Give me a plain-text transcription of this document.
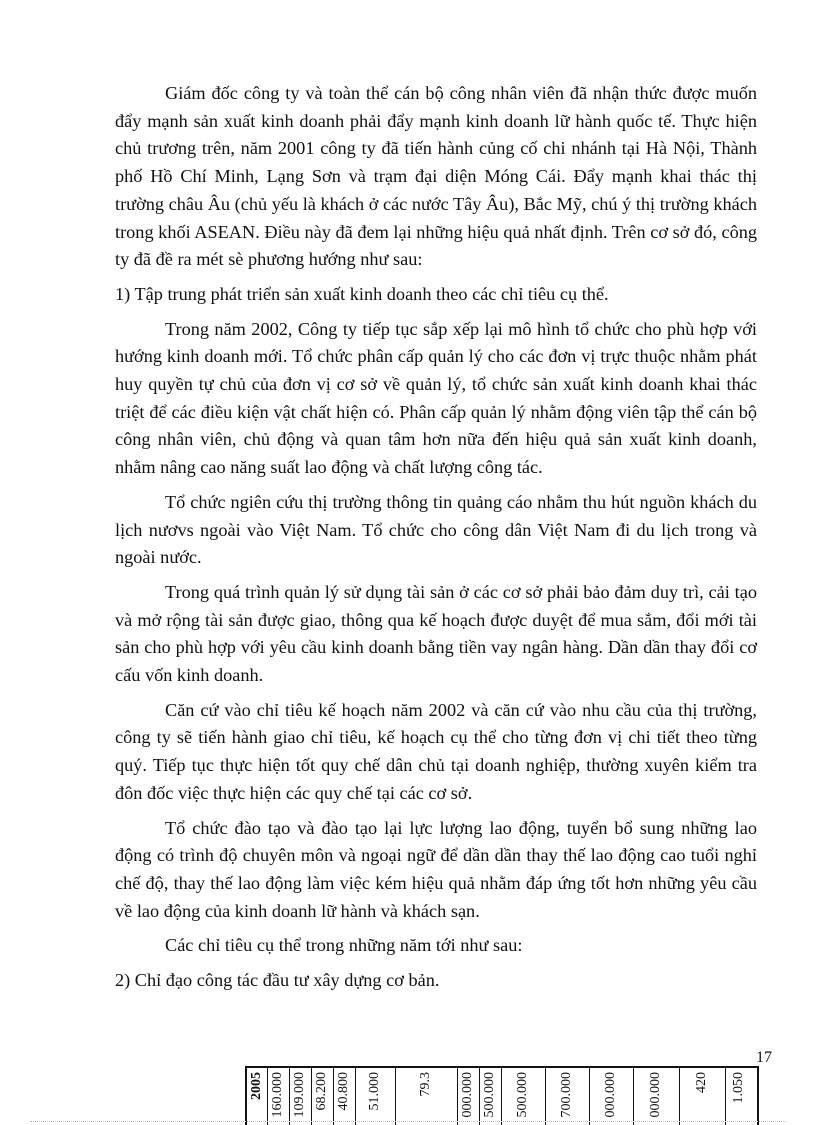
Giám đốc công ty và toàn thể cán bộ công nhân viên đã nhận thức được muốn đẩy mạnh sản xuất kinh doanh phải đẩy mạnh kinh doanh lữ hành quốc tế. Thực hiện chủ trương trên, năm 2001 công ty đã tiến hành củng cố chi nhánh tại Hà Nội, Thành phố Hồ Chí Minh, Lạng Sơn và trạm đại diện Móng Cái. Đẩy mạnh khai thác thị trường châu Âu (chủ yếu là khách ở các nước Tây Âu), Bắc Mỹ, chú ý thị trường khách trong khối ASEAN. Điều này đã đem lại những hiệu quả nhất định. Trên cơ sở đó, công ty đã đề ra mét sè phương hướng như sau:

1) Tập trung phát triển sản xuất kinh doanh theo các chỉ tiêu cụ thể.

Trong năm 2002, Công ty tiếp tục sắp xếp lại mô hình tổ chức cho phù hợp với hướng kinh doanh mới. Tổ chức phân cấp quản lý cho các đơn vị trực thuộc nhằm phát huy quyền tự chủ của đơn vị cơ sở về quản lý, tổ chức sản xuất kinh doanh khai thác triệt để các điều kiện vật chất hiện có. Phân cấp quản lý nhằm động viên tập thể cán bộ công nhân viên, chủ động và quan tâm hơn nữa đến hiệu quả sản xuất kinh doanh, nhằm nâng cao năng suất lao động và chất lượng công tác.

Tổ chức ngiên cứu thị trường thông tin quảng cáo nhằm thu hút nguồn khách du lịch nươvs ngoài vào Việt Nam. Tổ chức cho công dân Việt Nam đi du lịch trong và ngoài nước.

Trong quá trình quản lý sử dụng tài sản ở các cơ sở phải bảo đảm duy trì, cải tạo và mở rộng tài sản được giao, thông qua kế hoạch được duyệt để mua sắm, đổi mới tài sản cho phù hợp với yêu cầu kinh doanh bằng tiền vay ngân hàng. Dần dần thay đổi cơ cấu vốn kinh doanh.

Căn cứ vào chỉ tiêu kế hoạch năm 2002 và căn cứ vào nhu cầu của thị trường, công ty sẽ tiến hành giao chỉ tiêu, kế hoạch cụ thể cho từng đơn vị chi tiết theo từng quý. Tiếp tục thực hiện tốt quy chế dân chủ tại doanh nghiệp, thường xuyên kiểm tra đôn đốc việc thực hiện các quy chế tại các cơ sở.

Tổ chức đào tạo và đào tạo lại lực lượng lao động, tuyển bổ sung những lao động có trình độ chuyên môn và ngoại ngữ để dần dần thay thế lao động cao tuổi nghỉ chế độ, thay thế lao động làm việc kém hiệu quả nhằm đáp ứng tốt hơn những yêu cầu về lao động của kinh doanh lữ hành và khách sạn.

Các chỉ tiêu cụ thể trong những năm tới như sau:

2) Chỉ đạo công tác đầu tư xây dựng cơ bản.

17
2005 160.000 109.000 68.200 40.800 51.000	79.3 000.000 500.000 500.000 700.000 000.000 000.000 420 1.050
